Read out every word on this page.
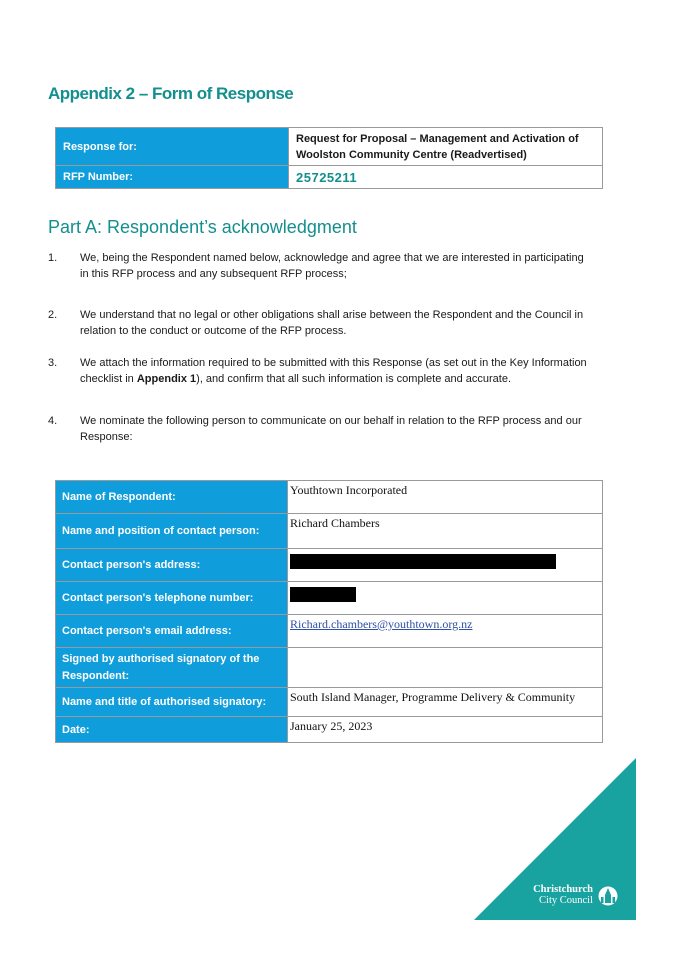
Appendix 2 – Form of Response
Response for:	Request for Proposal – Management and Activation of
Woolston Community Centre (Readvertised)

RFP Number:	25725211
Part A: Respondent’s acknowledgment
1. We, being the Respondent named below, acknowledge and agree that we are interested in participating
in this RFP process and any subsequent RFP process;
2. We understand that no legal or other obligations shall arise between the Respondent and the Council in
relation to the conduct or outcome of the RFP process.
3. We attach the information required to be submitted with this Response (as set out in the Key Information
checklist in Appendix 1), and confirm that all such information is complete and accurate.
4. We nominate the following person to communicate on our behalf in relation to the RFP process and our
Response:
Name of Respondent:	Youthtown Incorporated
Name and position of contact person:	Richard Chambers
Contact person's address:	

Contact person's telephone number:	

Contact person's email address:	Richard.chambers@youthtown.org.nz

Signed by authorised signatory of the
Respondent:	

Name and title of authorised signatory:	South Island Manager, Programme Delivery & Community
Date:	January 25, 2023
Christchurch
City Council
